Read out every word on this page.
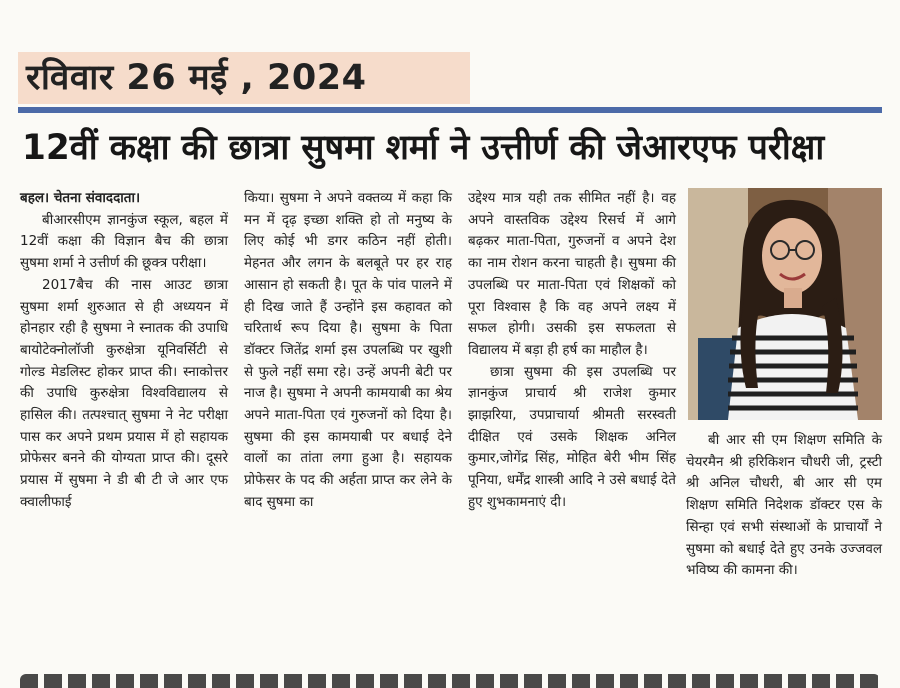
रविवार 26 मई , 2024
12वीं कक्षा की छात्रा सुषमा शर्मा ने उत्तीर्ण की जेआरएफ परीक्षा

बहल। चेतना संवाददाता।

बीआरसीएम ज्ञानकुंज स्कूल, बहल में 12वीं कक्षा की विज्ञान बैच की छात्रा सुषमा शर्मा ने उत्तीर्ण की छूक्त्र परीक्षा।

2017बैच की नास आउट छात्रा सुषमा शर्मा शुरुआत से ही अध्ययन में होनहार रही है सुषमा ने स्नातक की उपाधि बायोटेक्नोलॉजी कुरुक्षेत्रा यूनिवर्सिटी से गोल्ड मेडलिस्ट होकर प्राप्त की। स्नाकोत्तर की उपाधि कुरुक्षेत्रा विश्वविद्यालय से हासिल की। तत्पश्चात् सुषमा ने नेट परीक्षा पास कर अपने प्रथम प्रयास में हो सहायक प्रोफेसर बनने की योग्यता प्राप्त की। दूसरे प्रयास में सुषमा ने डी बी टी जे आर एफ क्वालीफाई

किया। सुषमा ने अपने वक्तव्य में कहा कि मन में दृढ़ इच्छा शक्ति हो तो मनुष्य के लिए कोई भी डगर कठिन नहीं होती। मेहनत और लगन के बलबूते पर हर राह आसान हो सकती है। पूत के पांव पालने में ही दिख जाते हैं उन्होंने इस कहावत को चरितार्थ रूप दिया है। सुषमा के पिता डॉक्टर जितेंद्र शर्मा इस उपलब्धि पर खुशी से फुले नहीं समा रहे। उन्हें अपनी बेटी पर नाज है। सुषमा ने अपनी कामयाबी का श्रेय अपने माता-पिता एवं गुरुजनों को दिया है। सुषमा की इस कामयाबी पर बधाई देने वालों का तांता लगा हुआ है। सहायक प्रोफेसर के पद की अर्हता प्राप्त कर लेने के बाद सुषमा का

उद्देश्य मात्र यही तक सीमित नहीं है। वह अपने वास्तविक उद्देश्य रिसर्च में आगे बढ़कर माता-पिता, गुरुजनों व अपने देश का नाम रोशन करना चाहती है। सुषमा की उपलब्धि पर माता-पिता एवं शिक्षकों को पूरा विश्वास है कि वह अपने लक्ष्य में सफल होगी। उसकी इस सफलता से विद्यालय में बड़ा ही हर्ष का माहौल है।

छात्रा सुषमा की इस उपलब्धि पर ज्ञानकुंज प्राचार्य श्री राजेश कुमार झाझरिया, उपप्राचार्या श्रीमती सरस्वती दीक्षित एवं उसके शिक्षक अनिल कुमार,जोगेंद्र सिंह, मोहित बेरी भीम सिंह पूनिया, धर्मेंद्र शास्त्री आदि ने उसे बधाई देते हुए शुभकामनाएं दी।

बी आर सी एम शिक्षण समिति के चेयरमैन श्री हरिकिशन चौधरी जी, ट्रस्टी श्री अनिल चौधरी, बी आर सी एम शिक्षण समिति निदेशक डॉक्टर एस के सिन्हा एवं सभी संस्थाओं के प्राचार्यों ने सुषमा को बधाई देते हुए उनके उज्जवल भविष्य की कामना की।
